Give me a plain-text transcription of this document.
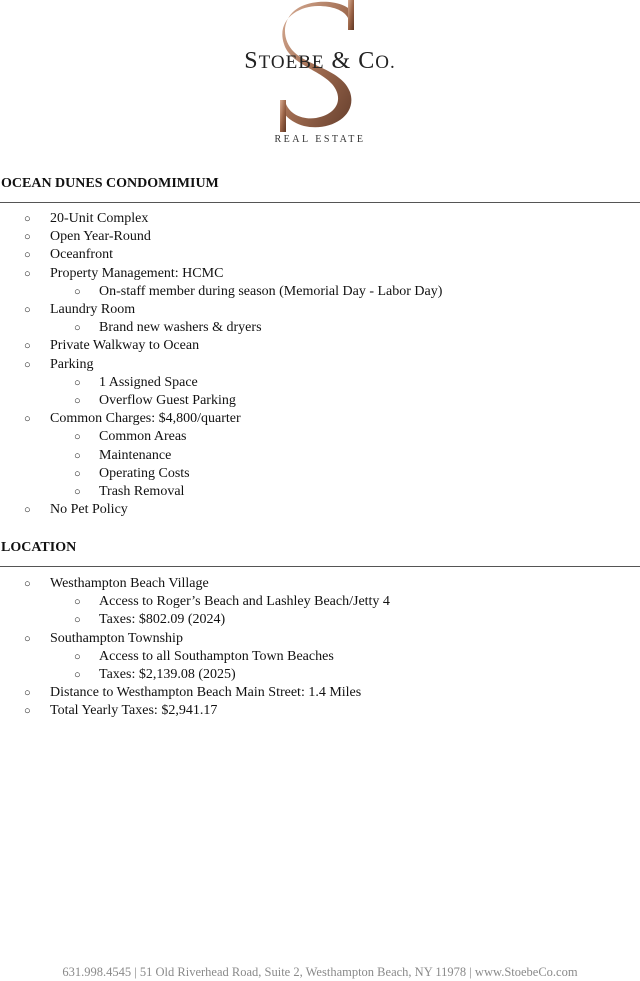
STOEBE & CO.
REAL ESTATE
OCEAN DUNES CONDOMIMIUM
○ 20-Unit Complex
○ Open Year-Round
○ Oceanfront
○ Property Management: HCMC
○ On-staff member during season (Memorial Day - Labor Day)
○ Laundry Room
○ Brand new washers & dryers
○ Private Walkway to Ocean
○ Parking
○ 1 Assigned Space
○ Overflow Guest Parking
○ Common Charges: $4,800/quarter
○ Common Areas
○ Maintenance
○ Operating Costs
○ Trash Removal
○ No Pet Policy
LOCATION
○ Westhampton Beach Village
○ Access to Roger’s Beach and Lashley Beach/Jetty 4
○ Taxes: $802.09 (2024)
○ Southampton Township
○ Access to all Southampton Town Beaches
○ Taxes: $2,139.08 (2025)
○ Distance to Westhampton Beach Main Street: 1.4 Miles
○ Total Yearly Taxes: $2,941.17
631.998.4545 | 51 Old Riverhead Road, Suite 2, Westhampton Beach, NY 11978 | www.StoebeCo.com
